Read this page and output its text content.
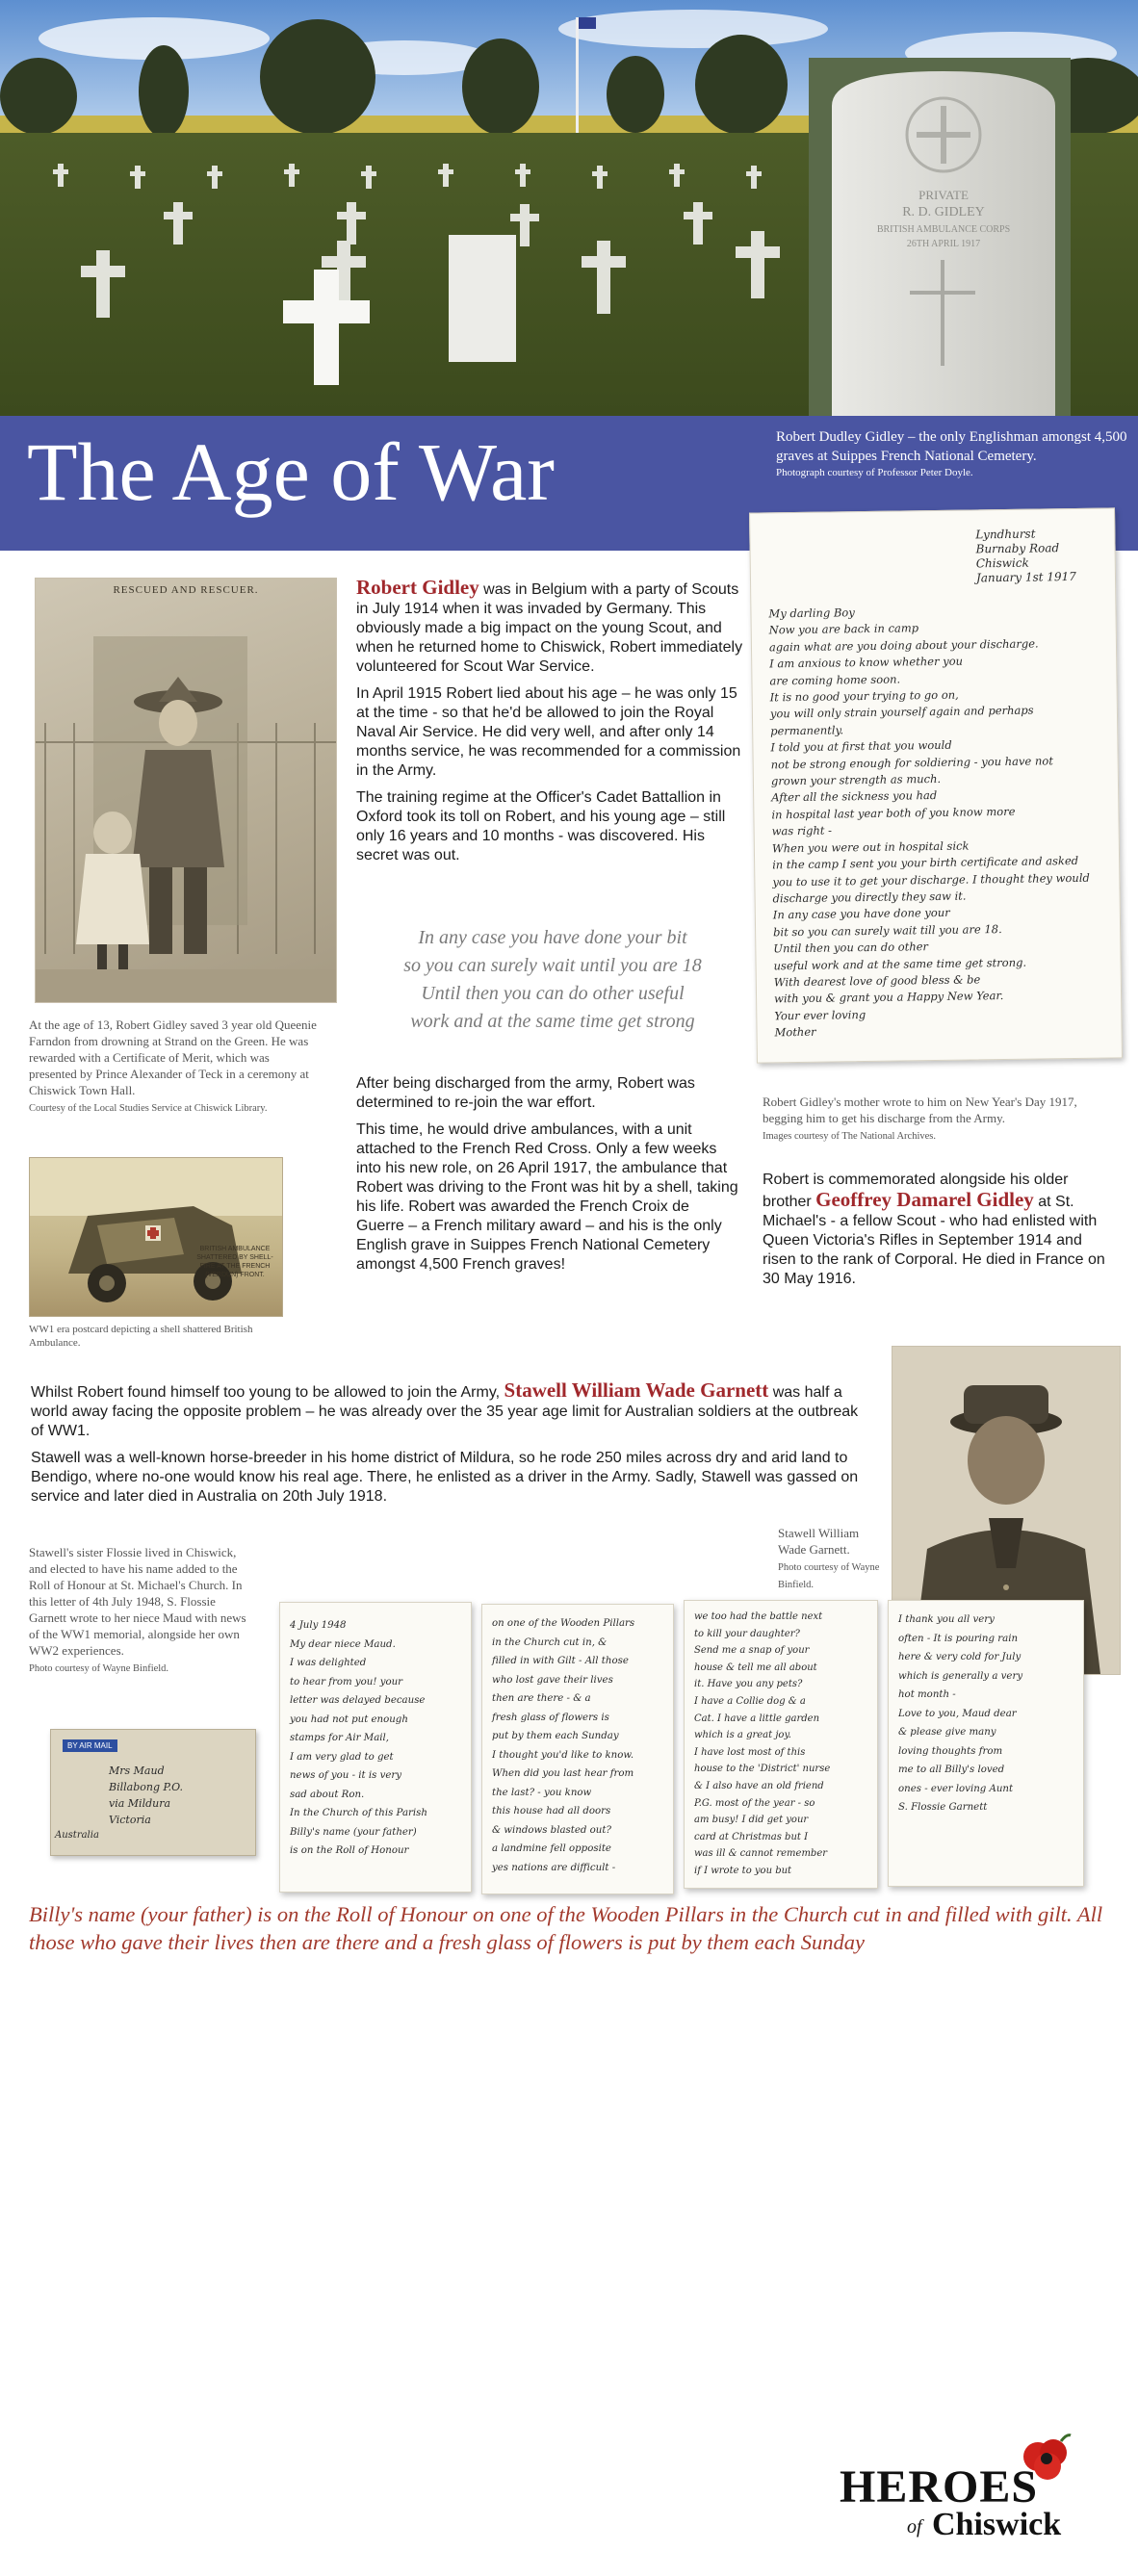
PRIVATE
R. D. GIDLEY
BRITISH AMBULANCE CORPS
26TH APRIL 1917
The Age of War	Robert Dudley Gidley – the only Englishman amongst 4,500 graves at Suippes French National Cemetery.
Photograph courtesy of Professor Peter Doyle.
RESCUED AND RESCUER.
At the age of 13, Robert Gidley saved 3 year old Queenie Farndon from drowning at Strand on the Green. He was rewarded with a Certificate of Merit, which was presented by Prince Alexander of Teck in a ceremony at Chiswick Town Hall.
Courtesy of the Local Studies Service at Chiswick Library.
BRITISH AMBULANCE SHATTERED BY SHELL-FIRE AT THE FRENCH (VERDUN) FRONT.
WW1 era postcard depicting a shell shattered British Ambulance.

Robert Gidley was in Belgium with a party of Scouts in July 1914 when it was invaded by Germany. This obviously made a big impact on the young Scout, and when he returned home to Chiswick, Robert immediately volunteered for Scout War Service.

In April 1915 Robert lied about his age – he was only 15 at the time - so that he'd be allowed to join the Royal Naval Air Service. He did very well, and after only 14 months service, he was recommended for a commission in the Army.

The training regime at the Officer's Cadet Battallion in Oxford took its toll on Robert, and his young age – still only 16 years and 10 months - was discovered. His secret was out.

In any case you have done your bit
so you can surely wait until you are 18
Until then you can do other useful
work and at the same time get strong

After being discharged from the army, Robert was determined to re-join the war effort.

This time, he would drive ambulances, with a unit attached to the French Red Cross. Only a few weeks into his new role, on 26 April 1917, the ambulance that Robert was driving to the Front was hit by a shell, taking his life. Robert was awarded the French Croix de Guerre – a French military award – and his is the only English grave in Suippes French National Cemetery amongst 4,500 French graves!

Lyndhurst
Burnaby Road
Chiswick
January 1st 1917
My darling Boy
Now you are back in camp
again what are you doing about your discharge.
I am anxious to know whether you
are coming home soon.
It is no good your trying to go on,
you will only strain yourself again and perhaps
permanently.
I told you at first that you would
not be strong enough for soldiering - you have not
grown your strength as much.
After all the sickness you had
in hospital last year both of you know more
was right -
When you were out in hospital sick
in the camp I sent you your birth certificate and asked
you to use it to get your discharge. I thought they would
discharge you directly they saw it.
In any case you have done your
bit so you can surely wait till you are 18.
Until then you can do other
useful work and at the same time get strong.
With dearest love of good bless & be
with you & grant you a Happy New Year.
Your ever loving
Mother
Robert Gidley's mother wrote to him on New Year's Day 1917, begging him to get his discharge from the Army.
Images courtesy of The National Archives.

Robert is commemorated alongside his older brother Geoffrey Damarel Gidley at St. Michael's - a fellow Scout - who had enlisted with Queen Victoria's Rifles in September 1914 and risen to the rank of Corporal. He died in France on 30 May 1916.

Whilst Robert found himself too young to be allowed to join the Army, Stawell William Wade Garnett was half a world away facing the opposite problem – he was already over the 35 year age limit for Australian soldiers at the outbreak of WW1.

Stawell was a well-known horse-breeder in his home district of Mildura, so he rode 250 miles across dry and arid land to Bendigo, where no-one would know his real age. There, he enlisted as a driver in the Army. Sadly, Stawell was gassed on service and later died in Australia on 20th July 1918.

Stawell William Wade Garnett.
Photo courtesy of Wayne Binfield.
Stawell's sister Flossie lived in Chiswick, and elected to have his name added to the Roll of Honour at St. Michael's Church. In this letter of 4th July 1948, S. Flossie Garnett wrote to her niece Maud with news of the WW1 memorial, alongside her own WW2 experiences.
Photo courtesy of Wayne Binfield.
BY AIR MAIL
Mrs Maud
Billabong P.O.
via Mildura
Victoria
Australia
4 July 1948
My dear niece Maud.
I was delighted
to hear from you! your
letter was delayed because
you had not put enough
stamps for Air Mail,
I am very glad to get
news of you - it is very
sad about Ron.
In the Church of this Parish
Billy's name (your father)
is on the Roll of Honour
on one of the Wooden Pillars
in the Church cut in, &
filled in with Gilt - All those
who lost gave their lives
then are there - & a
fresh glass of flowers is
put by them each Sunday
I thought you'd like to know.
When did you last hear from
the last? - you know
this house had all doors
& windows blasted out?
a landmine fell opposite
yes nations are difficult -
we too had the battle next
to kill your daughter?
Send me a snap of your
house & tell me all about
it. Have you any pets?
I have a Collie dog & a
Cat. I have a little garden
which is a great joy.
I have lost most of this
house to the 'District' nurse
& I also have an old friend
P.G. most of the year - so
am busy! I did get your
card at Christmas but I
was ill & cannot remember
if I wrote to you but
I thank you all very
often - It is pouring rain
here & very cold for July
which is generally a very
hot month -
Love to you, Maud dear
& please give many
loving thoughts from
me to all Billy's loved
ones - ever loving Aunt
S. Flossie Garnett
Billy's name (your father) is on the Roll of Honour on one of the Wooden Pillars in the Church cut in and filled with gilt. All those who gave their lives then are there and a fresh glass of flowers is put by them each Sunday
HEROES
of Chiswick
